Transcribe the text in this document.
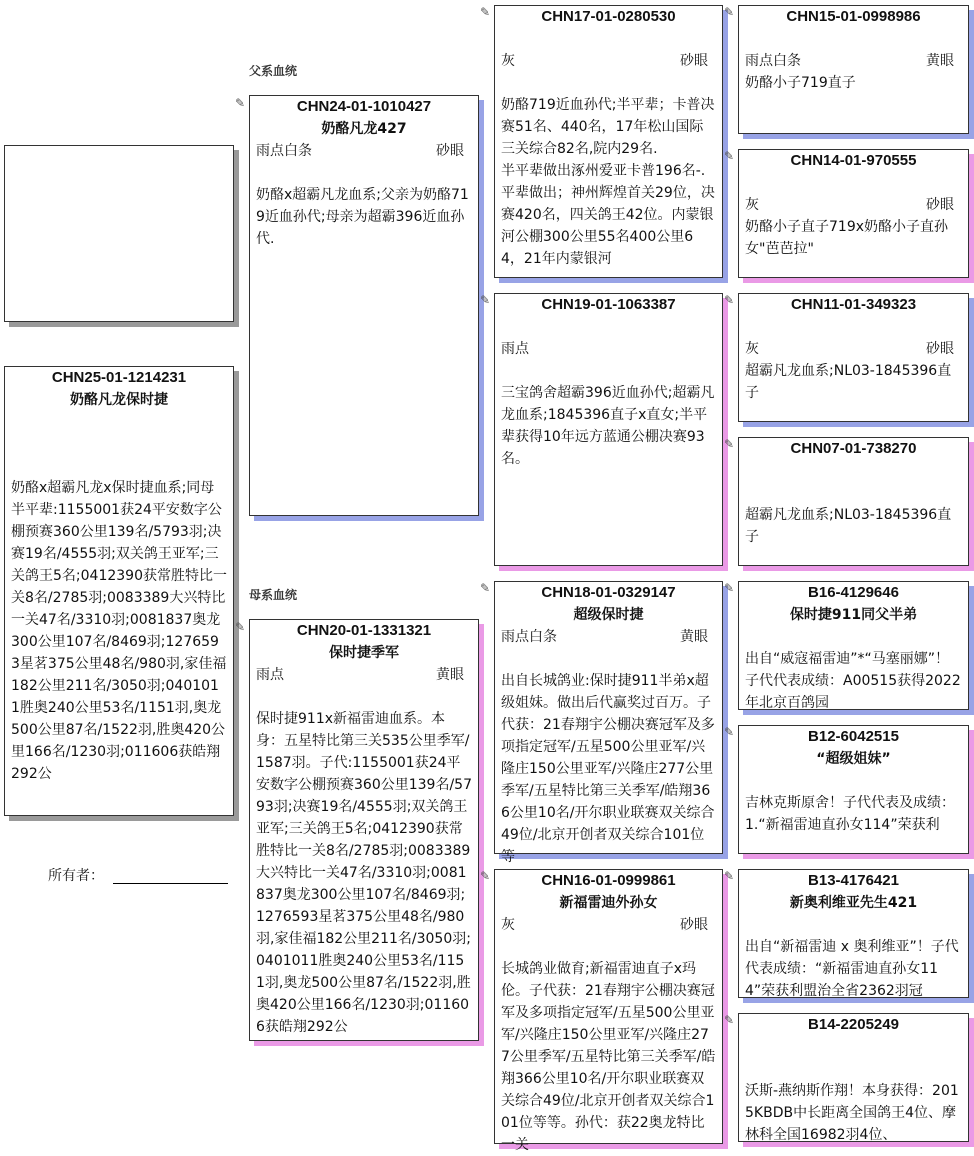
父系血统
母系血统
CHN25-01-1214231
奶酪凡龙保时捷
奶酪x超霸凡龙x保时捷血系;同母半平辈:1155001获24平安数字公棚预赛360公里139名/5793羽;决赛19名/4555羽;双关鸽王亚军;三关鸽王5名;0412390获常胜特比一关8名/2785羽;0083389大兴特比一关47名/3310羽;0081837奥龙300公里107名/8469羽;1276593星茗375公里48名/980羽,家佳福182公里211名/3050羽;0401011胜奥240公里53名/1151羽,奥龙500公里87名/1522羽,胜奥420公里166名/1230羽;011606获皓翔292公
所有者：
✎	CHN24-01-1010427
奶酪凡龙427
雨点白条	砂眼
奶酪x超霸凡龙血系;父亲为奶酪719近血孙代;母亲为超霸396近血孙代.
✎	CHN20-01-1331321
保时捷季军
雨点	黄眼
保时捷911x新福雷迪血系。本身：五星特比第三关535公里季军/1587羽。子代:1155001获24平安数字公棚预赛360公里139名/5793羽;决赛19名/4555羽;双关鸽王亚军;三关鸽王5名;0412390获常胜特比一关8名/2785羽;0083389大兴特比一关47名/3310羽;0081837奥龙300公里107名/8469羽;1276593星茗375公里48名/980羽,家佳福182公里211名/3050羽;0401011胜奥240公里53名/1151羽,奥龙500公里87名/1522羽,胜奥420公里166名/1230羽;011606获皓翔292公
✎	CHN17-01-0280530
灰	砂眼
奶酪719近血孙代;半平辈；卡普决赛51名、440名，17年松山国际三关综合82名,院内29名.
半平辈做出涿州爱亚卡普196名-.平辈做出；神州辉煌首关29位，决赛420名，四关鸽王42位。内蒙银河公棚300公里55名400公里64，21年内蒙银河
✎	CHN19-01-1063387
雨点
三宝鸽舍超霸396近血孙代;超霸凡龙血系;1845396直子x直女;半平辈获得10年远方蓝通公棚决赛93名。
✎	CHN18-01-0329147
超级保时捷
雨点白条	黄眼
出自长城鸽业:保时捷911半弟x超级姐妹。做出后代赢奖过百万。子代获：21春翔宇公棚决赛冠军及多项指定冠军/五星500公里亚军/兴隆庄150公里亚军/兴隆庄277公里季军/五星特比第三关季军/皓翔366公里10名/开尔职业联赛双关综合49位/北京开创者双关综合101位等
✎	CHN16-01-0999861
新福雷迪外孙女
灰	砂眼
长城鸽业做育;新福雷迪直子x玛伦。子代获：21春翔宇公棚决赛冠军及多项指定冠军/五星500公里亚军/兴隆庄150公里亚军/兴隆庄277公里季军/五星特比第三关季军/皓翔366公里10名/开尔职业联赛双关综合49位/北京开创者双关综合101位等等。孙代：获22奥龙特比一关
✎	CHN15-01-0998986
雨点白条	黄眼
奶酪小子719直子
✎	CHN14-01-970555
灰	砂眼
奶酪小子直子719x奶酪小子直孙女"芭芭拉"
✎	CHN11-01-349323
灰	砂眼
超霸凡龙血系;NL03-1845396直子
✎	CHN07-01-738270
超霸凡龙血系;NL03-1845396直子
✎	B16-4129646
保时捷911同父半弟
出自“威寇福雷迪”*“马塞丽娜”！子代代表成绩：A00515获得2022年北京百鸽园
✎	B12-6042515
“超级姐妹”
吉林克斯原舍！子代代表及成绩：1.“新福雷迪直孙女114”荣获利
✎	B13-4176421
新奥利维亚先生421
出自“新福雷迪 x 奥利维亚”！子代代表成绩：“新福雷迪直孙女114”荣获利盟治全省2362羽冠
✎	B14-2205249
沃斯-燕纳斯作翔！本身获得：2015KBDB中长距离全国鸽王4位、摩林科全国16982羽4位、
